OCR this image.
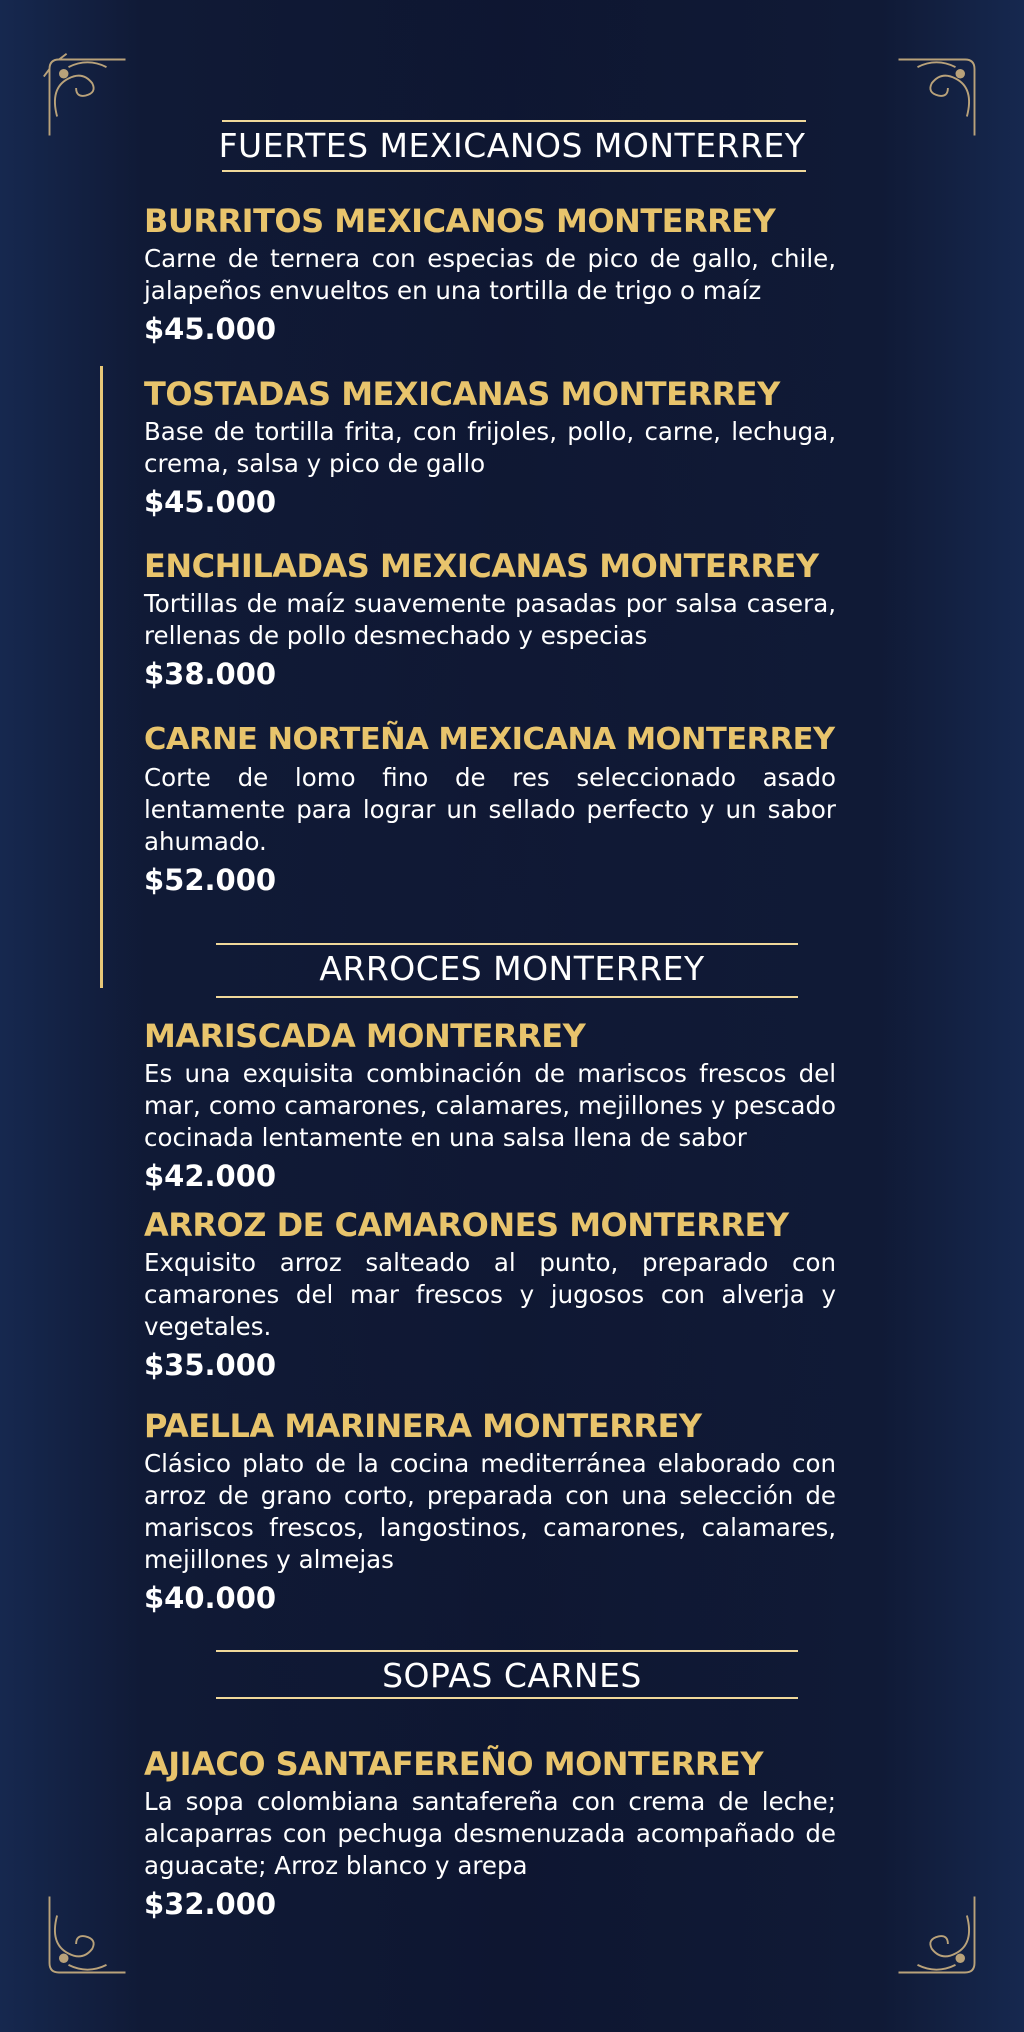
FUERTES MEXICANOS MONTERREY
BURRITOS MEXICANOS MONTERREY
Carne de ternera con especias de pico de gallo, chile, jalapeños envueltos en una tortilla de trigo o maíz
$45.000
TOSTADAS MEXICANAS MONTERREY
Base de tortilla frita, con frijoles, pollo, carne, lechuga, crema, salsa y pico de gallo
$45.000
ENCHILADAS MEXICANAS MONTERREY
Tortillas de maíz suavemente pasadas por salsa casera, rellenas de pollo desmechado y especias
$38.000
CARNE NORTEÑA MEXICANA MONTERREY
Corte de lomo fino de res seleccionado asado lentamente para lograr un sellado perfecto y un sabor ahumado.
$52.000
ARROCES MONTERREY
MARISCADA MONTERREY
Es una exquisita combinación de mariscos frescos del mar, como camarones, calamares, mejillones y pescado cocinada lentamente en una salsa llena de sabor
$42.000
ARROZ DE CAMARONES MONTERREY
Exquisito arroz salteado al punto, preparado con camarones del mar frescos y jugosos con alverja y vegetales.
$35.000
PAELLA MARINERA MONTERREY
Clásico plato de la cocina mediterránea elaborado con arroz de grano corto, preparada con una selección de mariscos frescos, langostinos, camarones, calamares, mejillones y almejas
$40.000
SOPAS CARNES
AJIACO SANTAFEREÑO MONTERREY
La sopa colombiana santafereña con crema de leche; alcaparras con pechuga desmenuzada acompañado de aguacate; Arroz blanco y arepa
$32.000
